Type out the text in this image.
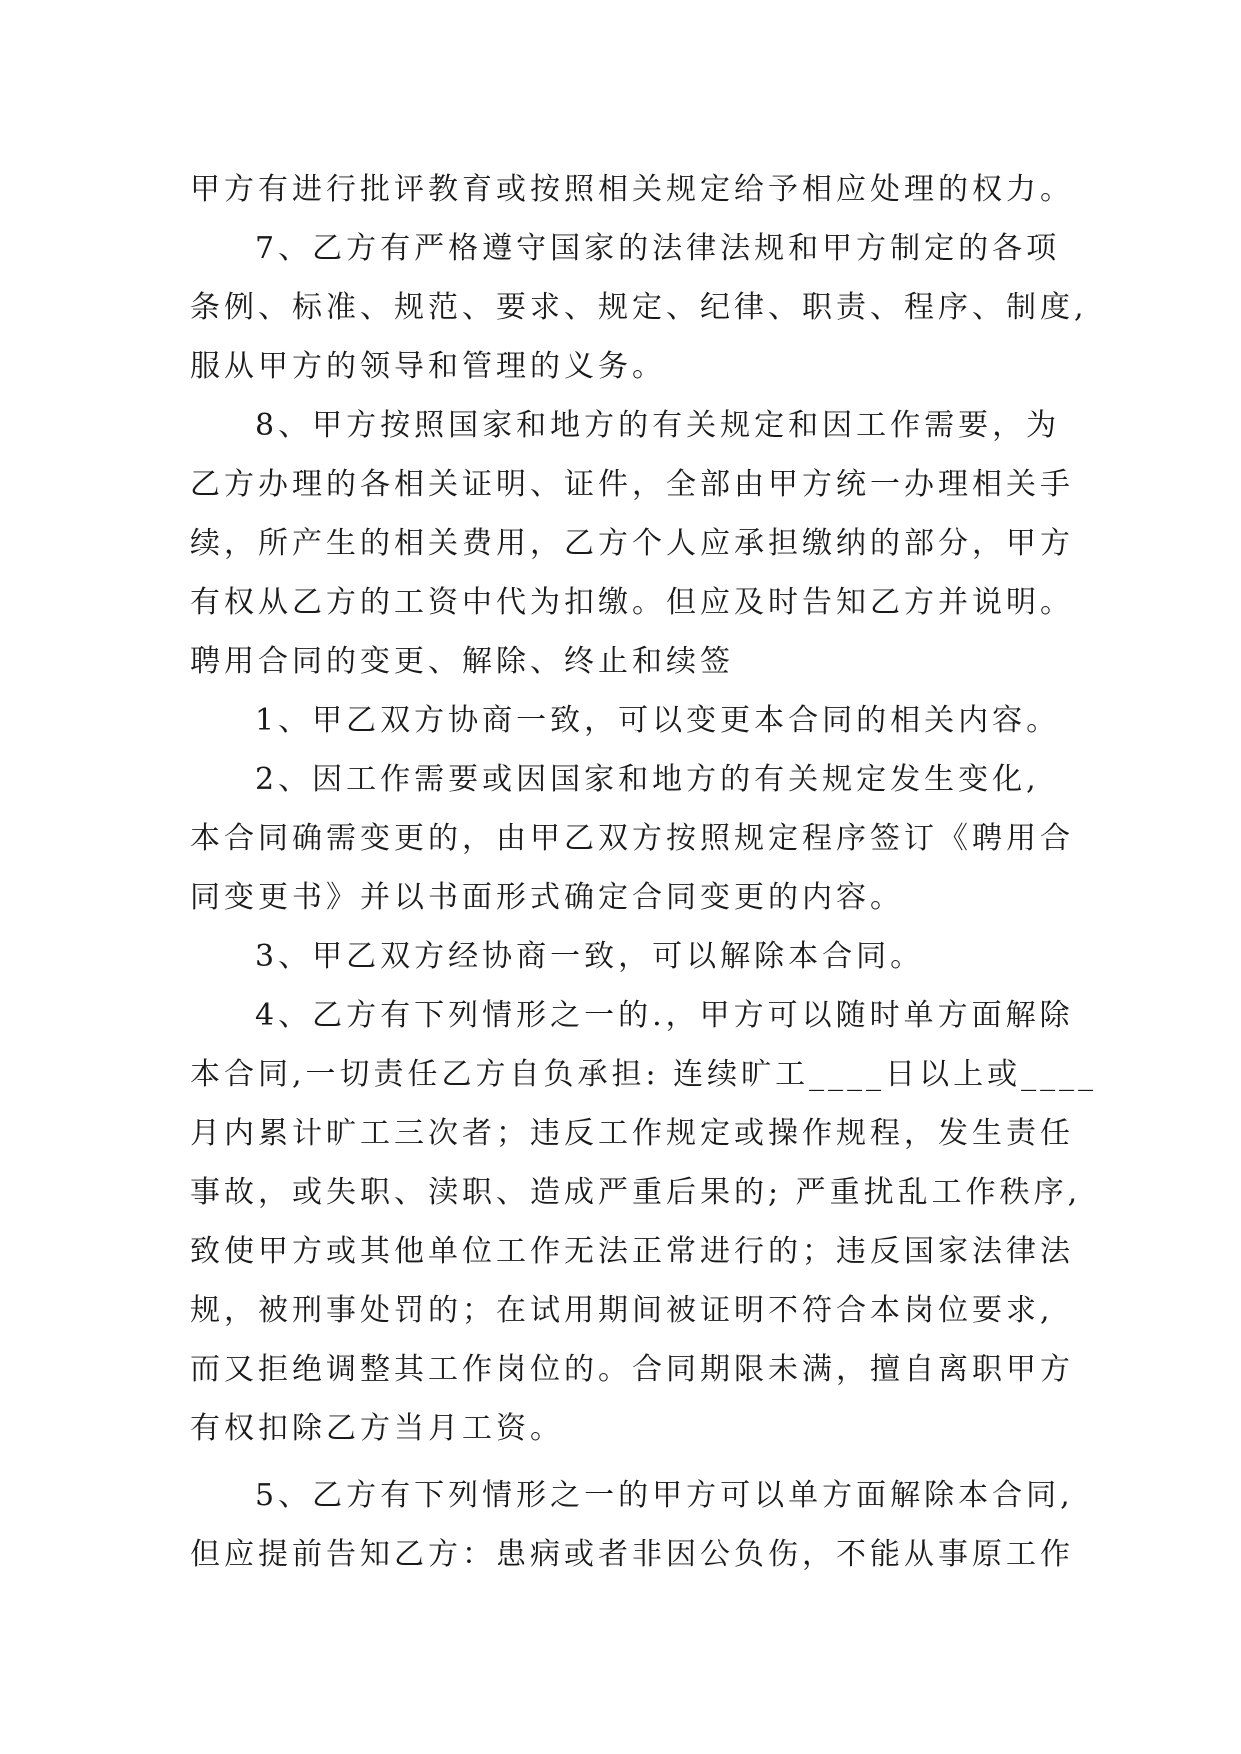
甲方有进行批评教育或按照相关规定给予相应处理的权力。

7、乙方有严格遵守国家的法律法规和甲方制定的各项

条例、标准、规范、要求、规定、纪律、职责、程序、制度,

服从甲方的领导和管理的义务。

8、甲方按照国家和地方的有关规定和因工作需要，为

乙方办理的各相关证明、证件，全部由甲方统一办理相关手

续，所产生的相关费用，乙方个人应承担缴纳的部分，甲方

有权从乙方的工资中代为扣缴。但应及时告知乙方并说明。

聘用合同的变更、解除、终止和续签

1、甲乙双方协商一致，可以变更本合同的相关内容。

2、因工作需要或因国家和地方的有关规定发生变化,

本合同确需变更的，由甲乙双方按照规定程序签订《聘用合

同变更书》并以书面形式确定合同变更的内容。

3、甲乙双方经协商一致，可以解除本合同。

4、乙方有下列情形之一的.，甲方可以随时单方面解除

本合同,一切责任乙方自负承担: 连续旷工____日以上或____

月内累计旷工三次者；违反工作规定或操作规程，发生责任

事故，或失职、渎职、造成严重后果的; 严重扰乱工作秩序,

致使甲方或其他单位工作无法正常进行的；违反国家法律法

规，被刑事处罚的；在试用期间被证明不符合本岗位要求,

而又拒绝调整其工作岗位的。合同期限未满，擅自离职甲方

有权扣除乙方当月工资。

5、乙方有下列情形之一的甲方可以单方面解除本合同,

但应提前告知乙方：患病或者非因公负伤，不能从事原工作
